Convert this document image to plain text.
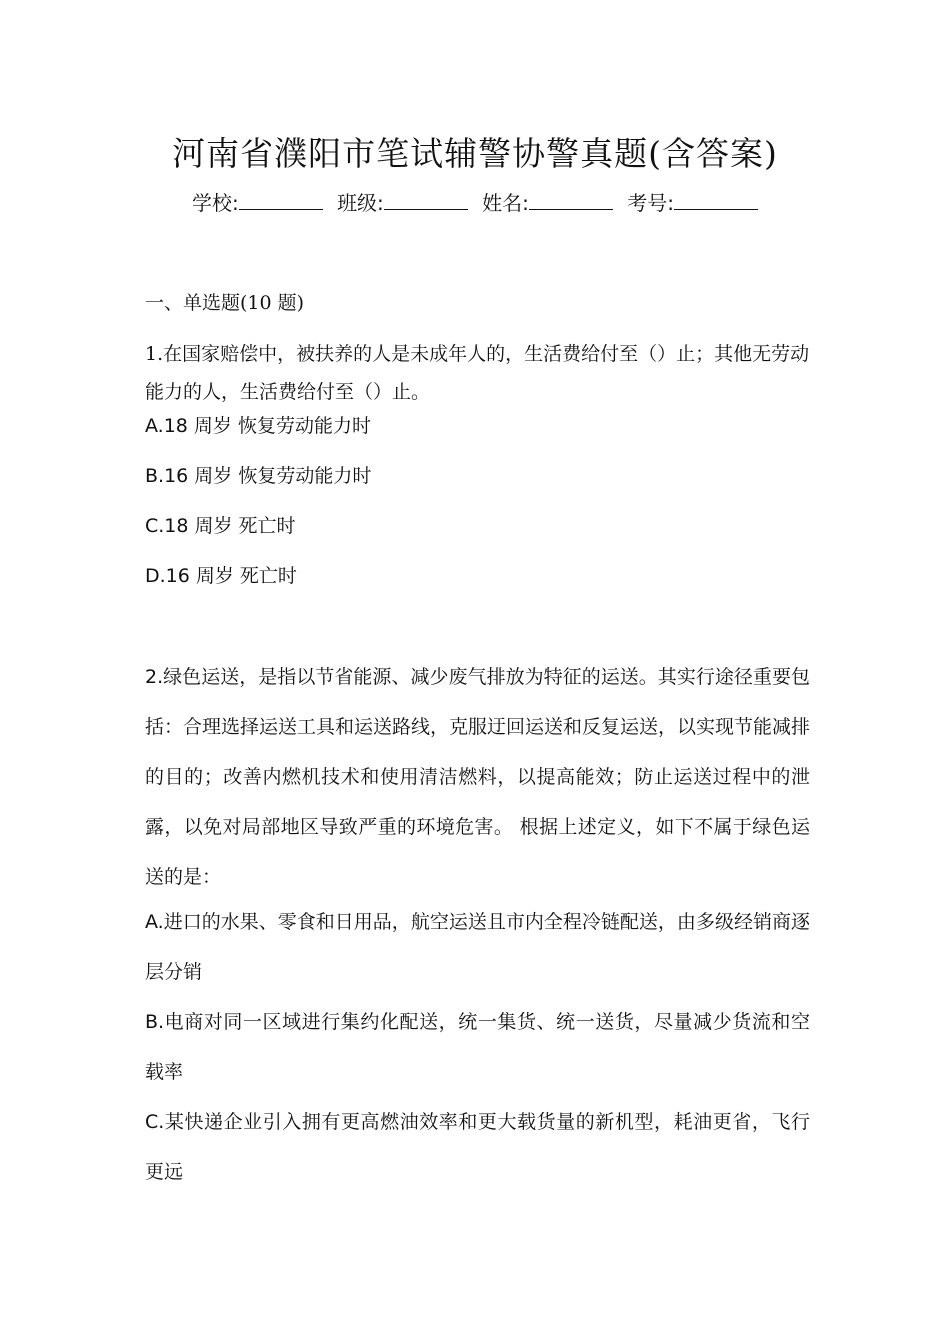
河南省濮阳市笔试辅警协警真题(含答案)
学校:	班级:	姓名:	考号:
一、单选题(10 题)
1.在国家赔偿中，被扶养的人是未成年人的，生活费给付至（）止；其他无劳动能力的人，生活费给付至（）止。
A.18 周岁 恢复劳动能力时
B.16 周岁 恢复劳动能力时
C.18 周岁 死亡时
D.16 周岁 死亡时
2.绿色运送，是指以节省能源、减少废气排放为特征的运送。其实行途径重要包括：合理选择运送工具和运送路线，克服迂回运送和反复运送，以实现节能减排的目的；改善内燃机技术和使用清洁燃料，以提高能效；防止运送过程中的泄露，以免对局部地区导致严重的环境危害。 根据上述定义，如下不属于绿色运送的是：
A.进口的水果、零食和日用品，航空运送且市内全程冷链配送，由多级经销商逐层分销
B.电商对同一区域进行集约化配送，统一集货、统一送货，尽量减少货流和空载率
C.某快递企业引入拥有更高燃油效率和更大载货量的新机型，耗油更省，飞行更远
